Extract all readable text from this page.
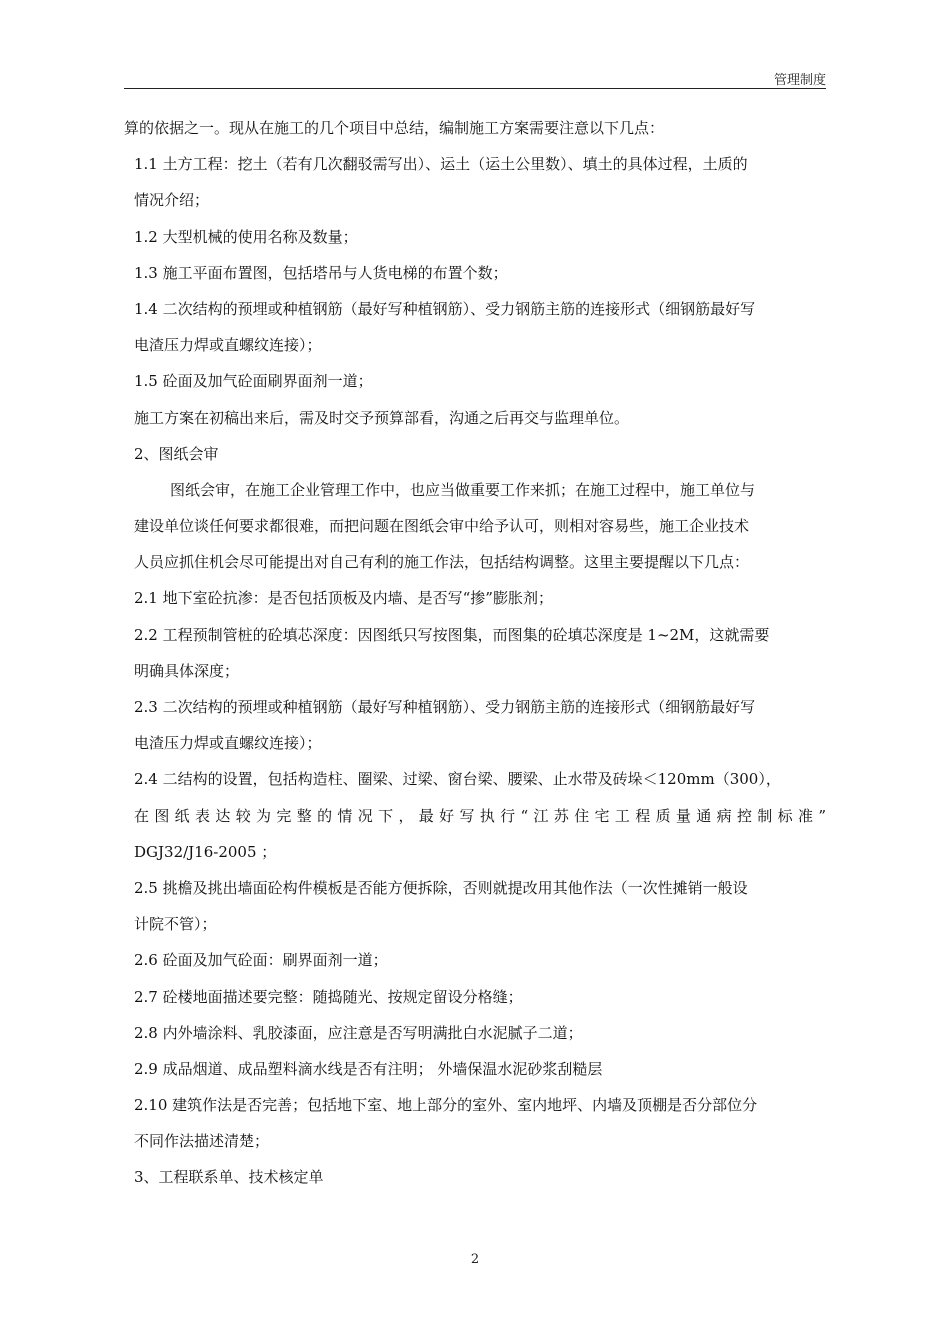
管理制度
算的依据之一。现从在施工的几个项目中总结，编制施工方案需要注意以下几点：
1.1 土方工程：挖土（若有几次翻驳需写出）、运土（运土公里数）、填土的具体过程，土质的
情况介绍；
1.2 大型机械的使用名称及数量；
1.3 施工平面布置图，包括塔吊与人货电梯的布置个数；
1.4 二次结构的预埋或种植钢筋（最好写种植钢筋）、受力钢筋主筋的连接形式（细钢筋最好写
电渣压力焊或直螺纹连接）；
1.5 砼面及加气砼面刷界面剂一道；
施工方案在初稿出来后，需及时交予预算部看，沟通之后再交与监理单位。
2、图纸会审
图纸会审，在施工企业管理工作中，也应当做重要工作来抓；在施工过程中，施工单位与
建设单位谈任何要求都很难，而把问题在图纸会审中给予认可，则相对容易些，施工企业技术
人员应抓住机会尽可能提出对自己有利的施工作法，包括结构调整。这里主要提醒以下几点：
2.1 地下室砼抗渗：是否包括顶板及内墙、是否写“掺”膨胀剂；
2.2 工程预制管桩的砼填芯深度：因图纸只写按图集，而图集的砼填芯深度是 1~2M，这就需要
明确具体深度；
2.3 二次结构的预埋或种植钢筋（最好写种植钢筋）、受力钢筋主筋的连接形式（细钢筋最好写
电渣压力焊或直螺纹连接）；
2.4 二结构的设置，包括构造柱、圈梁、过梁、窗台梁、腰梁、止水带及砖垛＜120mm（300），
在图纸表达较为完整的情况下，最好写执行“江苏住宅工程质量通病控制标准”
DGJ32/J16-2005 ；
2.5 挑檐及挑出墙面砼构件模板是否能方便拆除，否则就提改用其他作法（一次性摊销一般设
计院不管）；
2.6 砼面及加气砼面：刷界面剂一道；
2.7 砼楼地面描述要完整：随捣随光、按规定留设分格缝；
2.8 内外墙涂料、乳胶漆面，应注意是否写明满批白水泥腻子二道；
2.9 成品烟道、成品塑料滴水线是否有注明； 外墙保温水泥砂浆刮糙层
2.10 建筑作法是否完善；包括地下室、地上部分的室外、室内地坪、内墙及顶棚是否分部位分
不同作法描述清楚；
3、工程联系单、技术核定单
2
